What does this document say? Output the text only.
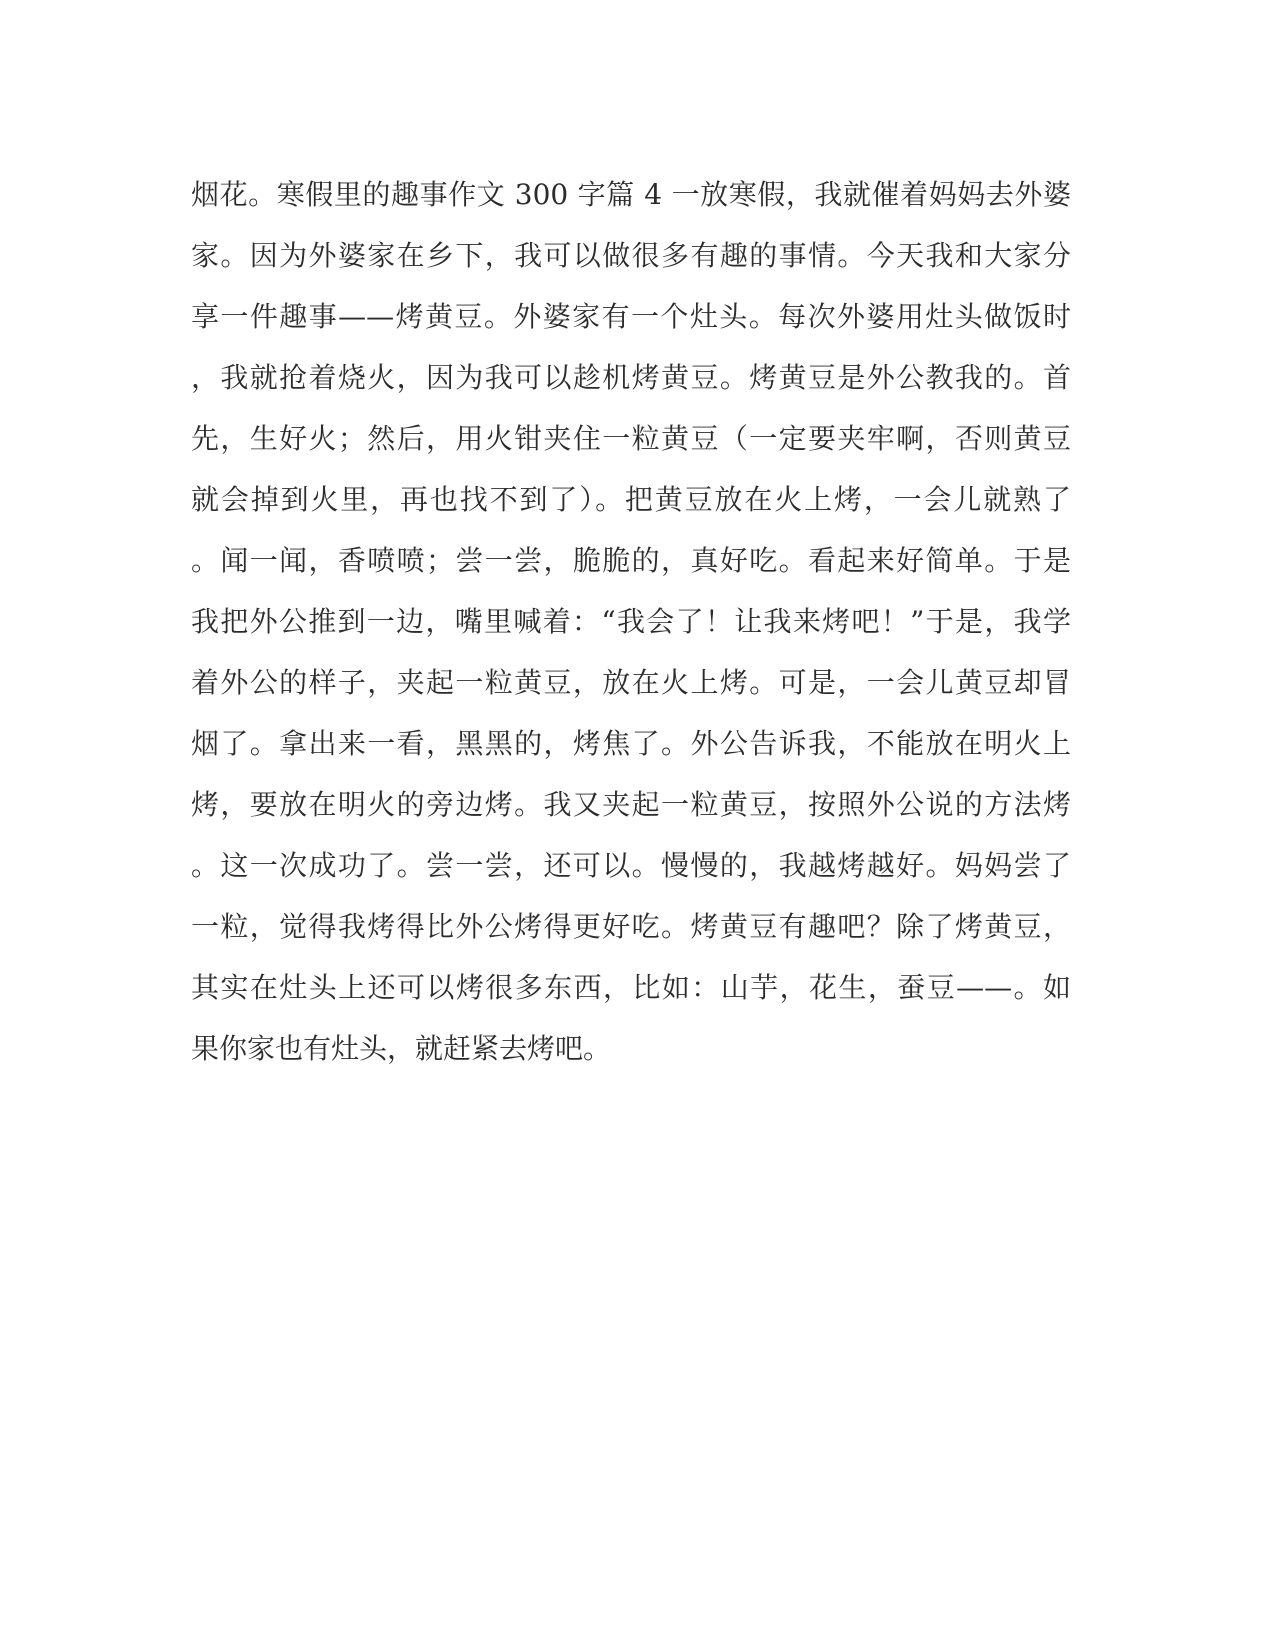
烟花。寒假里的趣事作文 300 字篇 4 一放寒假，我就催着妈妈去外婆
家。因为外婆家在乡下，我可以做很多有趣的事情。今天我和大家分
享一件趣事——烤黄豆。外婆家有一个灶头。每次外婆用灶头做饭时
，我就抢着烧火，因为我可以趁机烤黄豆。烤黄豆是外公教我的。首
先，生好火；然后，用火钳夹住一粒黄豆（一定要夹牢啊，否则黄豆
就会掉到火里，再也找不到了）。把黄豆放在火上烤，一会儿就熟了
。闻一闻，香喷喷；尝一尝，脆脆的，真好吃。看起来好简单。于是
我把外公推到一边，嘴里喊着：“我会了！让我来烤吧！”于是，我学
着外公的样子，夹起一粒黄豆，放在火上烤。可是，一会儿黄豆却冒
烟了。拿出来一看，黑黑的，烤焦了。外公告诉我，不能放在明火上
烤，要放在明火的旁边烤。我又夹起一粒黄豆，按照外公说的方法烤
。这一次成功了。尝一尝，还可以。慢慢的，我越烤越好。妈妈尝了
一粒，觉得我烤得比外公烤得更好吃。烤黄豆有趣吧？除了烤黄豆，
其实在灶头上还可以烤很多东西，比如：山芋，花生，蚕豆——。如
果你家也有灶头，就赶紧去烤吧。
